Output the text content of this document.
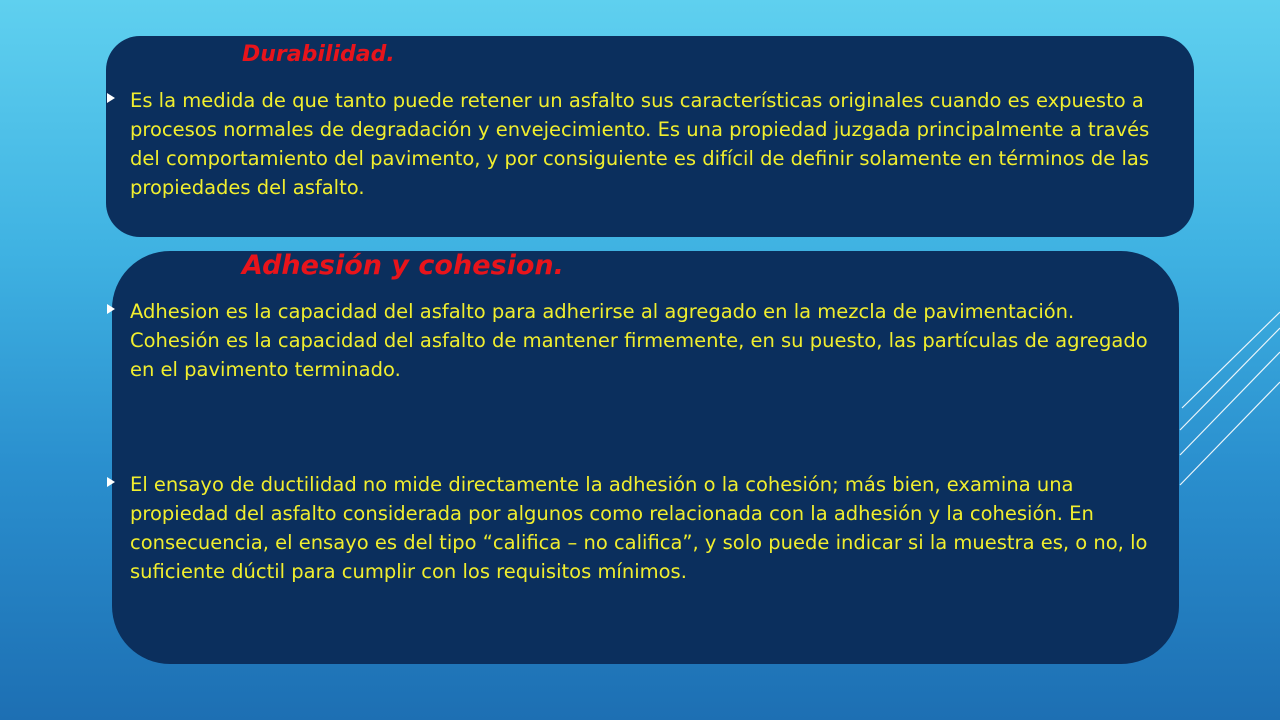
Durabilidad.

Es la medida de que tanto puede retener un asfalto sus características originales cuando es expuesto a procesos normales de degradación y envejecimiento. Es una propiedad juzgada principalmente a través del comportamiento del pavimento, y por consiguiente es difícil de definir solamente en términos de las propiedades del asfalto.

Adhesión y cohesion.

Adhesion es la capacidad del asfalto para adherirse al agregado en la mezcla de pavimentación. Cohesión es la capacidad del asfalto de mantener firmemente, en su puesto, las partículas de agregado en el pavimento terminado.

El ensayo de ductilidad no mide directamente la adhesión o la cohesión; más bien, examina una propiedad del asfalto considerada por algunos como relacionada con la adhesión y la cohesión. En consecuencia, el ensayo es del tipo “califica – no califica”, y solo puede indicar si la muestra es, o no, lo suficiente dúctil para cumplir con los requisitos mínimos.
